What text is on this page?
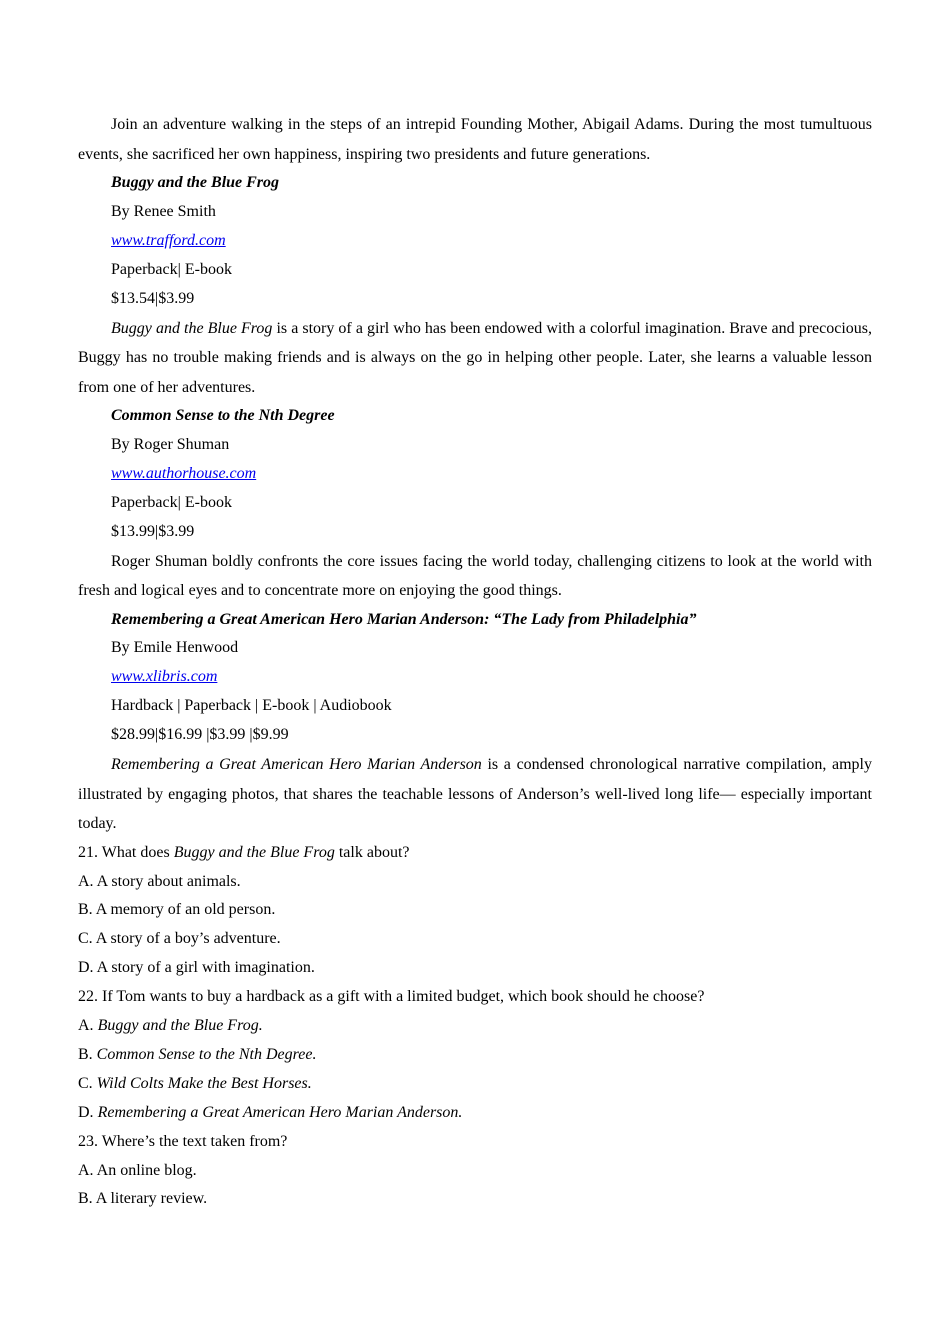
Join an adventure walking in the steps of an intrepid Founding Mother, Abigail Adams. During the most tumultuous events, she sacrificed her own happiness, inspiring two presidents and future generations.

Buggy and the Blue Frog

By Renee Smith

www.trafford.com

Paperback| E-book

$13.54|$3.99

Buggy and the Blue Frog is a story of a girl who has been endowed with a colorful imagination. Brave and precocious, Buggy has no trouble making friends and is always on the go in helping other people. Later, she learns a valuable lesson from one of her adventures.

Common Sense to the Nth Degree

By Roger Shuman

www.authorhouse.com

Paperback| E-book

$13.99|$3.99

Roger Shuman boldly confronts the core issues facing the world today, challenging citizens to look at the world with fresh and logical eyes and to concentrate more on enjoying the good things.

Remembering a Great American Hero Marian Anderson: “The Lady from Philadelphia”

By Emile Henwood

www.xlibris.com

Hardback | Paperback | E-book | Audiobook

$28.99|$16.99 |$3.99 |$9.99

Remembering a Great American Hero Marian Anderson is a condensed chronological narrative compilation, amply illustrated by engaging photos, that shares the teachable lessons of Anderson’s well-lived long life— especially important today.

21. What does Buggy and the Blue Frog talk about?

A. A story about animals.

B. A memory of an old person.

C. A story of a boy’s adventure.

D. A story of a girl with imagination.

22. If Tom wants to buy a hardback as a gift with a limited budget, which book should he choose?

A. Buggy and the Blue Frog.

B. Common Sense to the Nth Degree.

C. Wild Colts Make the Best Horses.

D. Remembering a Great American Hero Marian Anderson.

23. Where’s the text taken from?

A. An online blog.

B. A literary review.
